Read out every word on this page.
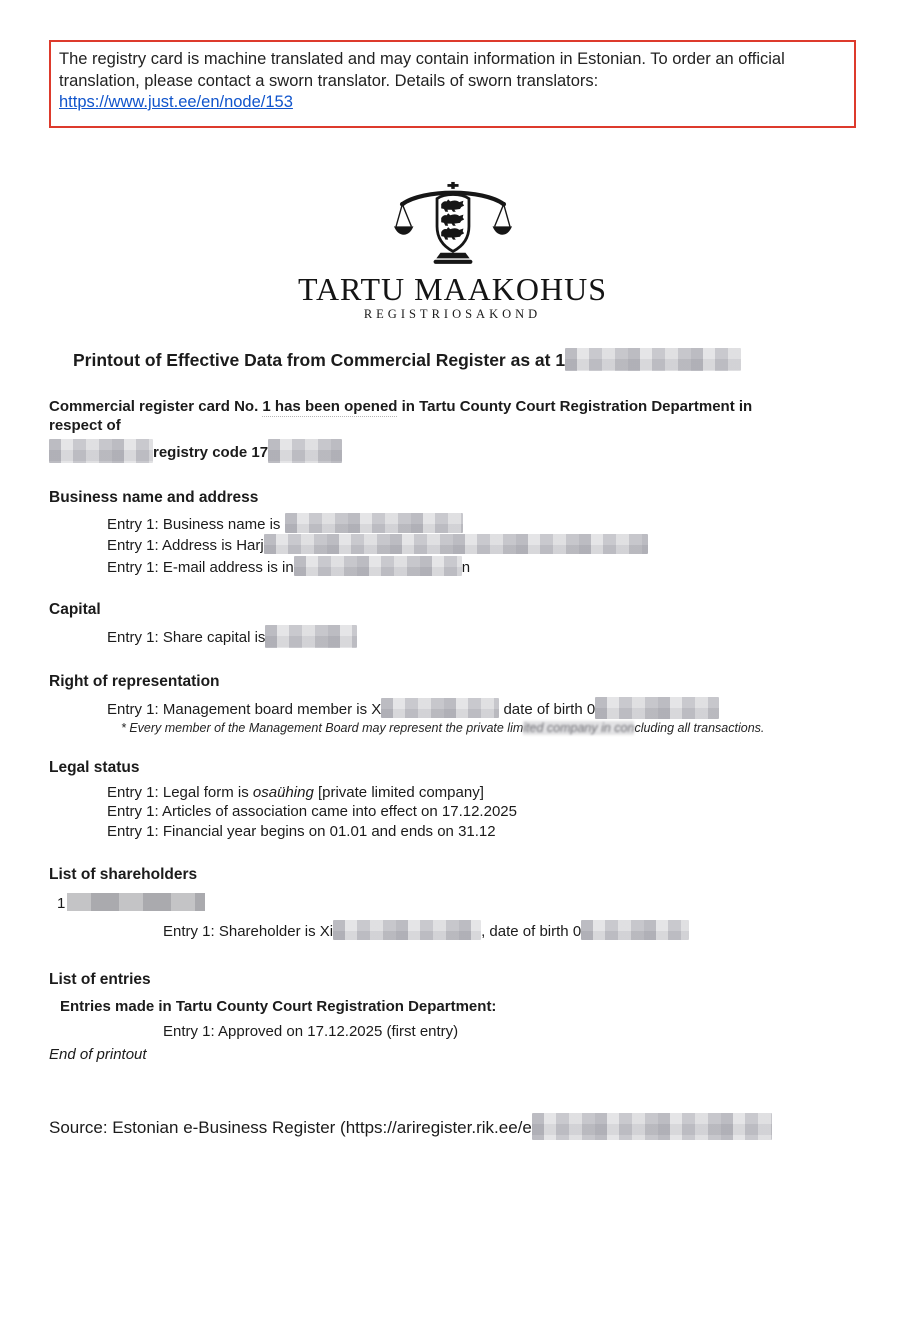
The registry card is machine translated and may contain information in Estonian. To order an official translation, please contact a sworn translator. Details of sworn translators:
https://www.just.ee/en/node/153
TARTU MAAKOHUS
REGISTRIOSAKOND
Printout of Effective Data from Commercial Register as at 1
Commercial register card No. 1 has been opened in Tartu County Court Registration Department in
respect of
registry code 17
Business name and address
Entry 1: Business name is
Entry 1: Address is Harj
Entry 1: E-mail address is in	n
Capital
Entry 1: Share capital is
Right of representation
Entry 1: Management board member is X	date of birth 0
* Every member of the Management Board may represent the private limited company in concluding all transactions.
Legal status
Entry 1: Legal form is osaühing [private limited company]
Entry 1: Articles of association came into effect on 17.12.2025
Entry 1: Financial year begins on 01.01 and ends on 31.12
List of shareholders
1
Entry 1: Shareholder is Xi	, date of birth 0
List of entries
Entries made in Tartu County Court Registration Department:
Entry 1: Approved on 17.12.2025 (first entry)
End of printout
Source: Estonian e-Business Register (https://ariregister.rik.ee/e
